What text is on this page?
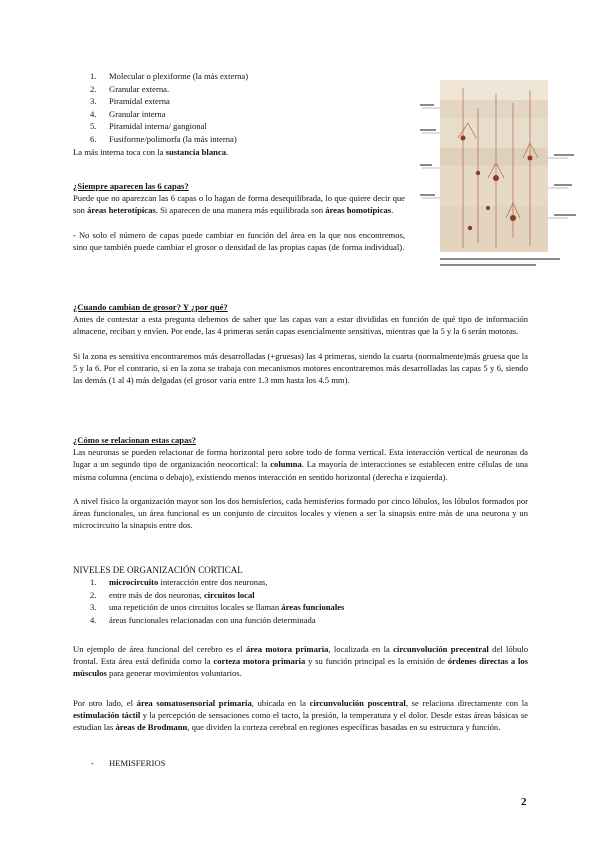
1. Molecular o plexiforme (la más externa)
2. Granular externa.
3. Piramidal externa
4. Granular interna
5. Piramidal interna/ gangional
6. Fusiforme/polimorfa (la más interna)

La más interna toca con la sustancia blanca.

¿Siempre aparecen las 6 capas?

Puede que no aparezcan las 6 capas o lo hagan de forma desequilibrada, lo que quiere decir que son áreas heterotípicas. Si aparecen de una manera más equilibrada son áreas homotípicas.

- No solo el número de capas puede cambiar en función del área en la que nos encontremos, sino que también puede cambiar el grosor o densidad de las propias capas (de forma individual).

¿Cuando cambian de grosor? Y ¿por qué?

Antes de contestar a esta pregunta debemos de saber que las capas van a estar divididas en función de qué tipo de información almacene, reciban y envíen. Por ende, las 4 primeras serán capas esencialmente sensitivas, mientras que la 5 y la 6 serán motoras.

Si la zona es sensitiva encontraremos más desarrolladas (+gruesas) las 4 primeras, siendo la cuarta (normalmente)más gruesa que la 5 y la 6. Por el contrario, si en la zona se trabaja con mecanismos motores encontraremos más desarrolladas las capas 5 y 6, siendo las demás (1 al 4) más delgadas (el grosor varía entre 1.3 mm hasta los 4.5 mm).

¿Cómo se relacionan estas capas?

Las neuronas se pueden relacionar de forma horizontal pero sobre todo de forma vertical. Esta interacción vertical de neuronas da lugar a un segundo tipo de organización neocortical: la columna. La mayoría de interacciones se establecen entre células de una misma columna (encima o debajo), existiendo menos interacción en sentido horizontal (derecha e izquierda).

A nivel físico la organización mayor son los dos hemisferios, cada hemisferios formado por cinco lóbulos, los lóbulos formados por áreas funcionales, un área funcional es un conjunto de circuitos locales y vienen a ser la sinapsis entre más de una neurona y un microcircuito la sinapsis entre dos.

NIVELES DE ORGANIZACIÓN CORTICAL

1. microcircuito interacción entre dos neuronas,
2. entre más de dos neuronas, circuitos local
3. una repetición de unos circuitos locales se llaman áreas funcionales
4. áreas funcionales relacionadas con una función determinada

Un ejemplo de área funcional del cerebro es el área motora primaria, localizada en la circunvolución precentral del lóbulo frontal. Esta área está definida como la corteza motora primaria y su función principal es la emisión de órdenes directas a los músculos para generar movimientos voluntarios.

Por otro lado, el área somatosensorial primaria, ubicada en la circunvolución poscentral, se relaciona directamente con la estimulación táctil y la percepción de sensaciones como el tacto, la presión, la temperatura y el dolor. Desde estas áreas básicas se estudian las áreas de Brodmann, que dividen la corteza cerebral en regiones específicas basadas en su estructura y función.

- HEMISFERIOS
2
